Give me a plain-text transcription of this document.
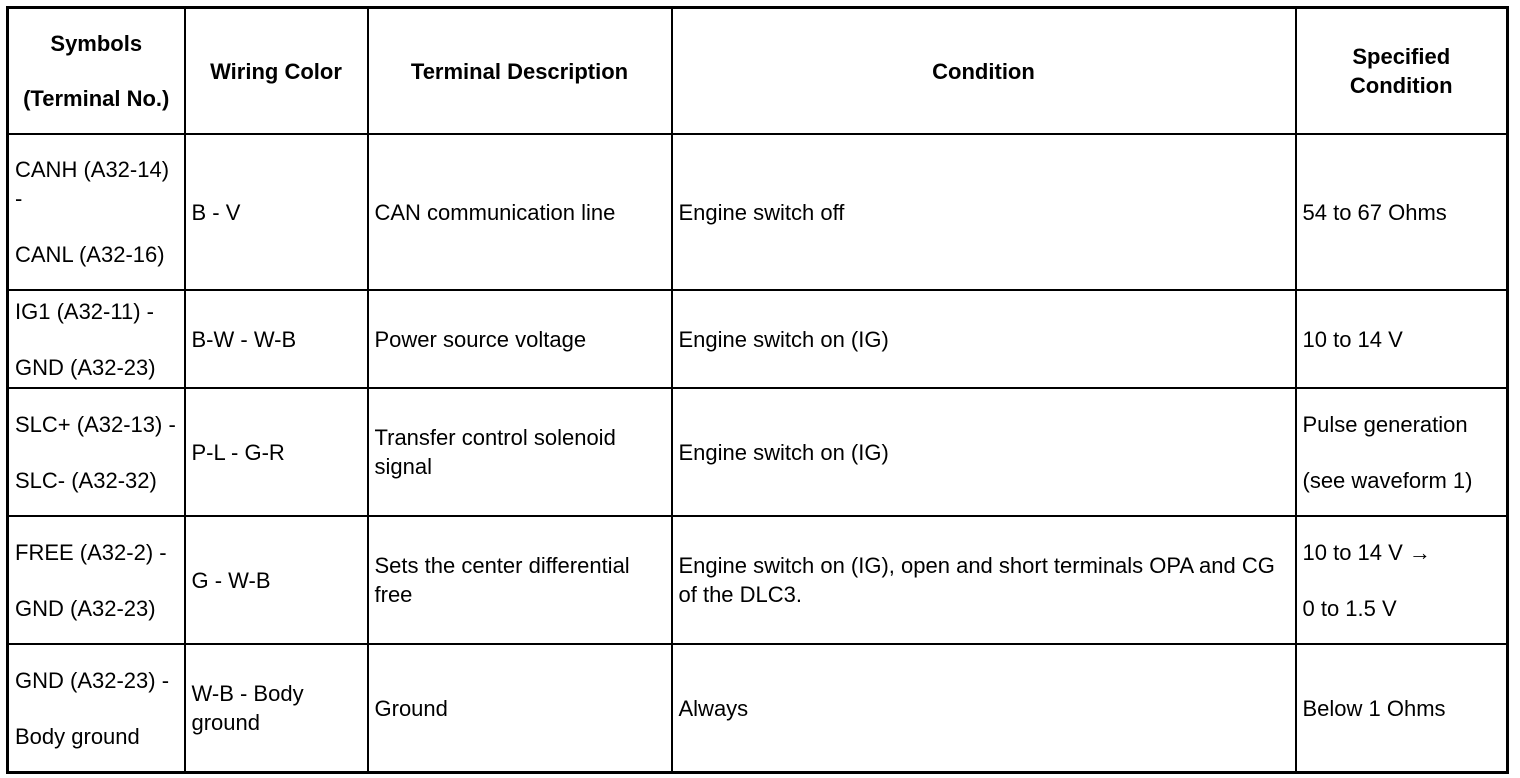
Symbols
(Terminal No.)	Wiring Color	Terminal Description	Condition	Specified Condition

CANH (A32-14) -
CANL (A32-16)	B - V	CAN communication line	Engine switch off	54 to 67 Ohms

IG1 (A32-11) -
GND (A32-23)	B-W - W-B	Power source voltage	Engine switch on (IG)	10 to 14 V

SLC+ (A32-13) -
SLC- (A32-32)	P-L - G-R	Transfer control solenoid signal	Engine switch on (IG)	Pulse generation
(see waveform 1)

FREE (A32-2) -
GND (A32-23)	G - W-B	Sets the center differential free	Engine switch on (IG), open and short terminals OPA and CG of the DLC3.	10 to 14 V →
0 to 1.5 V

GND (A32-23) -
Body ground	W-B - Body ground	Ground	Always	Below 1 Ohms
